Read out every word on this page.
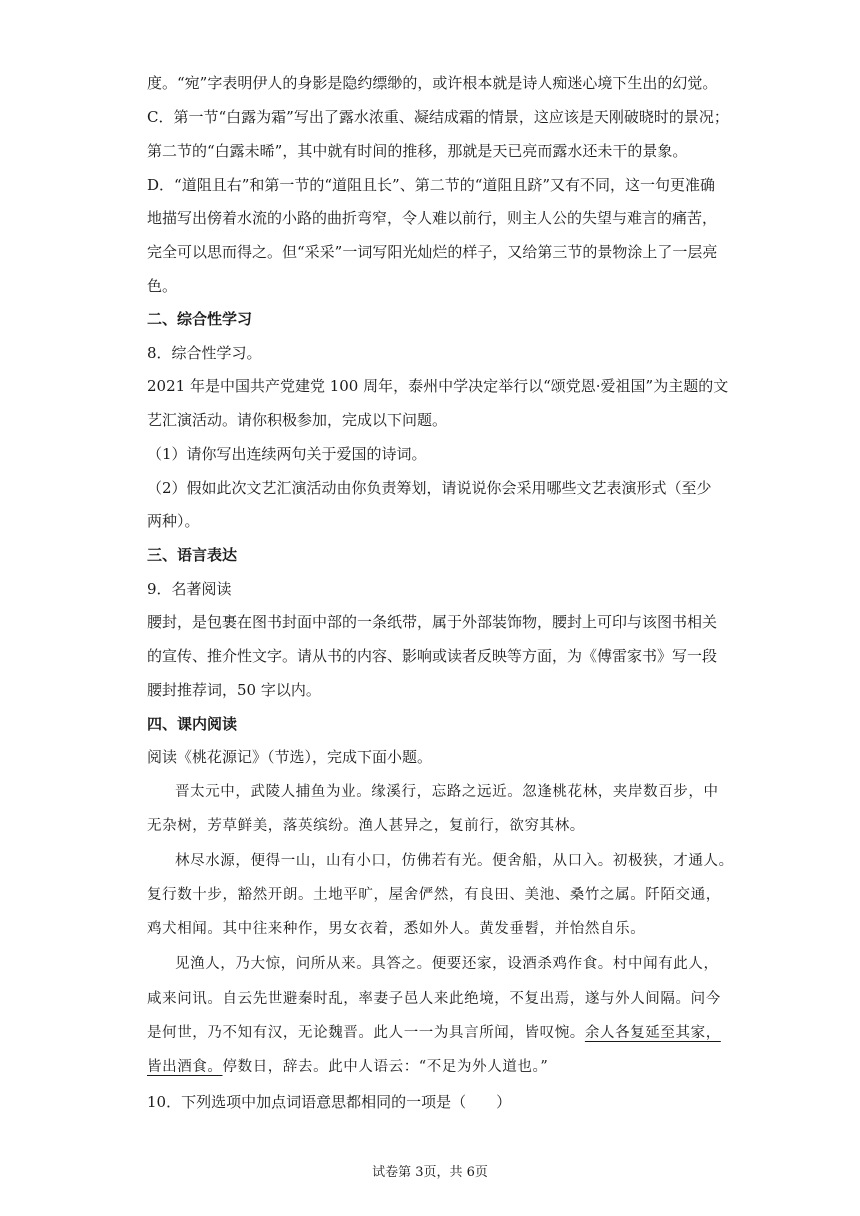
度。“宛”字表明伊人的身影是隐约缥缈的，或许根本就是诗人痴迷心境下生出的幻觉。
C．第一节“白露为霜”写出了露水浓重、凝结成霜的情景，这应该是天刚破晓时的景况；
第二节的“白露未晞”，其中就有时间的推移，那就是天已亮而露水还未干的景象。
D．“道阻且右”和第一节的“道阻且长”、第二节的“道阻且跻”又有不同，这一句更准确
地描写出傍着水流的小路的曲折弯窄，令人难以前行，则主人公的失望与难言的痛苦，
完全可以思而得之。但“采采”一词写阳光灿烂的样子，又给第三节的景物涂上了一层亮
色。
二、综合性学习
8．综合性学习。
2021 年是中国共产党建党 100 周年，泰州中学决定举行以“颂党恩·爱祖国”为主题的文
艺汇演活动。请你积极参加，完成以下问题。
（1）请你写出连续两句关于爱国的诗词。
（2）假如此次文艺汇演活动由你负责筹划，请说说你会采用哪些文艺表演形式（至少
两种）。
三、语言表达
9．名著阅读
腰封，是包裹在图书封面中部的一条纸带，属于外部装饰物，腰封上可印与该图书相关
的宣传、推介性文字。请从书的内容、影响或读者反映等方面，为《傅雷家书》写一段
腰封推荐词，50 字以内。
四、课内阅读
阅读《桃花源记》（节选），完成下面小题。
晋太元中，武陵人捕鱼为业。缘溪行，忘路之远近。忽逢桃花林，夹岸数百步，中
无杂树，芳草鲜美，落英缤纷。渔人甚异之，复前行，欲穷其林。
林尽水源，便得一山，山有小口，仿佛若有光。便舍船，从口入。初极狭，才通人。
复行数十步，豁然开朗。土地平旷，屋舍俨然，有良田、美池、桑竹之属。阡陌交通，
鸡犬相闻。其中往来种作，男女衣着，悉如外人。黄发垂髫，并怡然自乐。
见渔人，乃大惊，问所从来。具答之。便要还家，设酒杀鸡作食。村中闻有此人，
咸来问讯。自云先世避秦时乱，率妻子邑人来此绝境，不复出焉，遂与外人间隔。问今
是何世，乃不知有汉，无论魏晋。此人一一为具言所闻，皆叹惋。余人各复延至其家，
皆出酒食。停数日，辞去。此中人语云：“不足为外人道也。”
10．下列选项中加点词语意思都相同的一项是（　　）
试卷第 3页，共 6页
